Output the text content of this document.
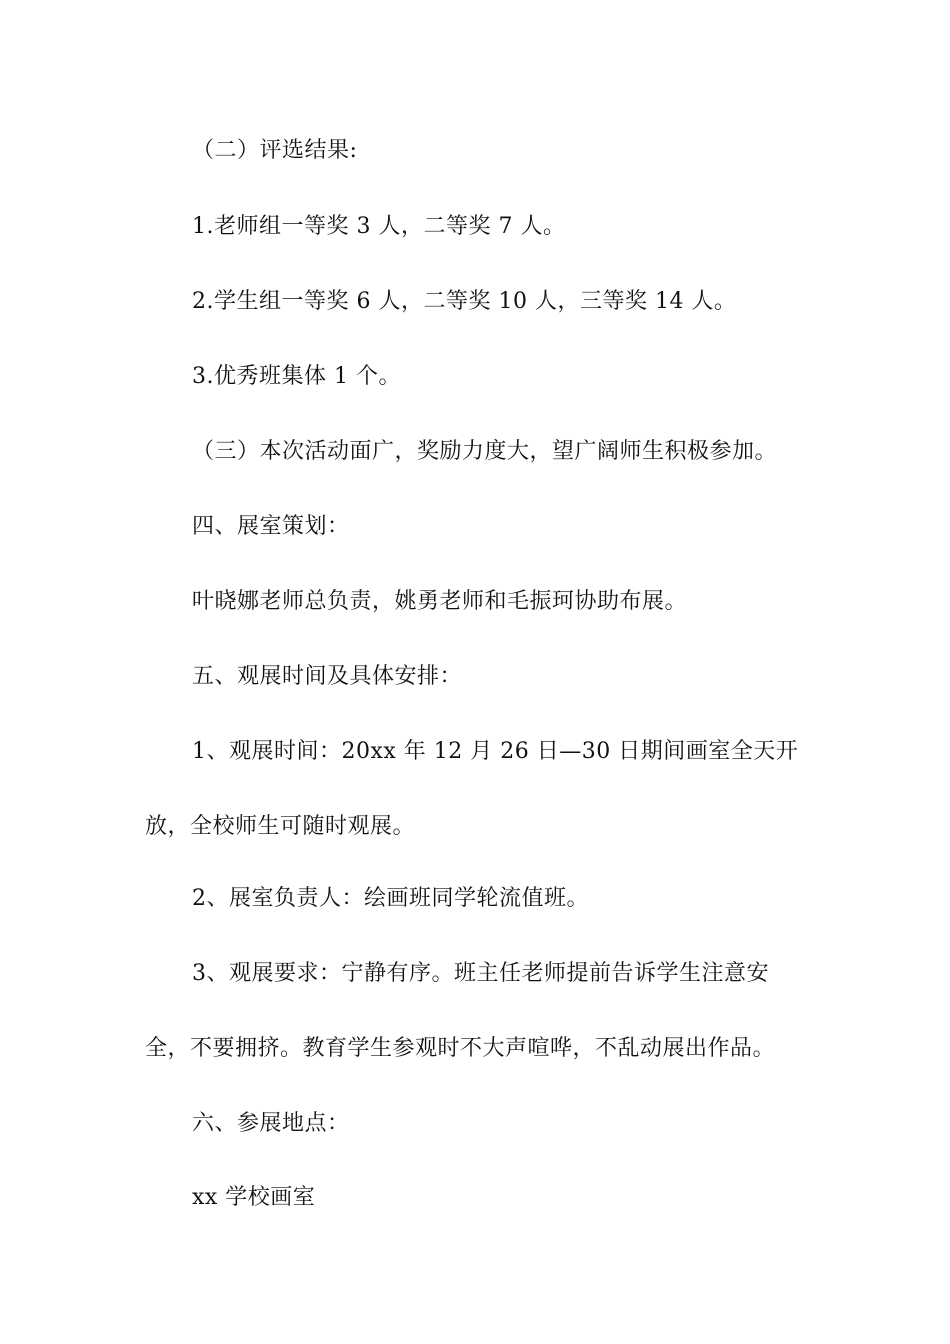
（二）评选结果:
1.老师组一等奖 3 人，二等奖 7 人。
2.学生组一等奖 6 人，二等奖 10 人，三等奖 14 人。
3.优秀班集体 1 个。
（三）本次活动面广，奖励力度大，望广阔师生积极参加。
四、展室策划：
叶晓娜老师总负责，姚勇老师和毛振珂协助布展。
五、观展时间及具体安排：
1、观展时间：20xx 年 12 月 26 日—30 日期间画室全天开
放，全校师生可随时观展。
2、展室负责人：绘画班同学轮流值班。
3、观展要求：宁静有序。班主任老师提前告诉学生注意安
全，不要拥挤。教育学生参观时不大声喧哗，不乱动展出作品。
六、参展地点：
xx 学校画室
